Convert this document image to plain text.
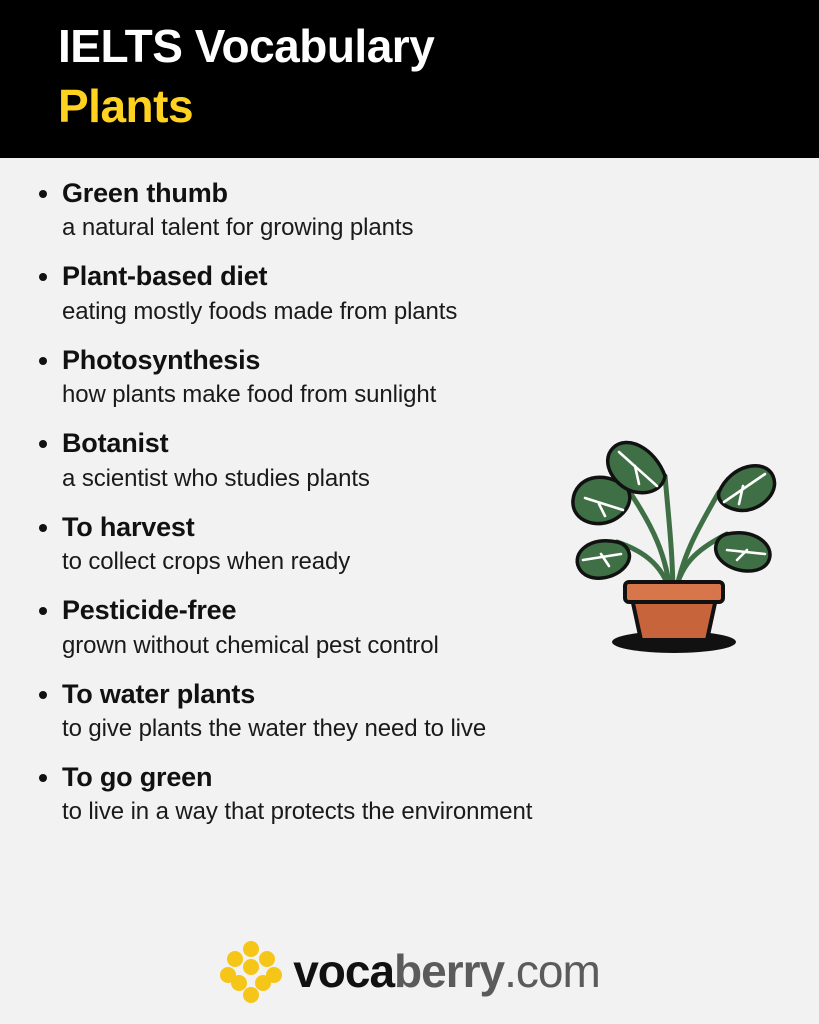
IELTS Vocabulary
Plants
Green thumb
a natural talent for growing plants
Plant-based diet
eating mostly foods made from plants
Photosynthesis
how plants make food from sunlight
Botanist
a scientist who studies plants
To harvest
to collect crops when ready
Pesticide-free
grown without chemical pest control
To water plants
to give plants the water they need to live
To go green
to live in a way that protects the environment
voca berry .com
